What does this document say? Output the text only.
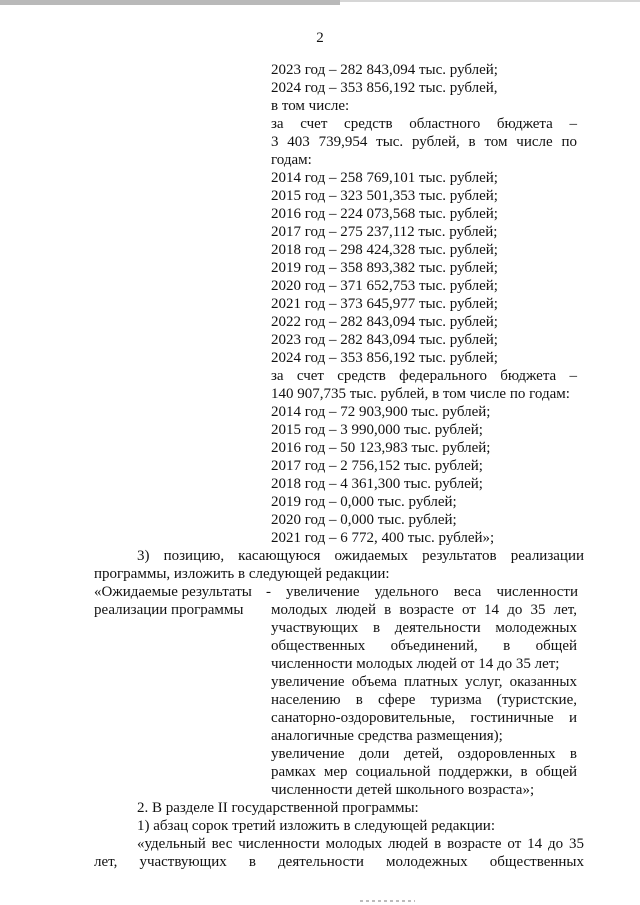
2
2023 год – 282 843,094 тыс. рублей;
2024 год – 353 856,192 тыс. рублей,
в том числе:
за счет средств областного бюджета –
3 403 739,954 тыс. рублей, в том числе по
годам:
2014 год – 258 769,101 тыс. рублей;
2015 год – 323 501,353 тыс. рублей;
2016 год – 224 073,568 тыс. рублей;
2017 год – 275 237,112 тыс. рублей;
2018 год – 298 424,328 тыс. рублей;
2019 год – 358 893,382 тыс. рублей;
2020 год – 371 652,753 тыс. рублей;
2021 год – 373 645,977 тыс. рублей;
2022 год – 282 843,094 тыс. рублей;
2023 год – 282 843,094 тыс. рублей;
2024 год – 353 856,192 тыс. рублей;
за счет средств федерального бюджета –
140 907,735 тыс. рублей, в том числе по годам:
2014 год – 72 903,900 тыс. рублей;
2015 год – 3 990,000 тыс. рублей;
2016 год – 50 123,983 тыс. рублей;
2017 год – 2 756,152 тыс. рублей;
2018 год – 4 361,300 тыс. рублей;
2019 год – 0,000 тыс. рублей;
2020 год – 0,000 тыс. рублей;
2021 год – 6 772, 400 тыс. рублей»;
3) позицию, касающуюся ожидаемых результатов реализации
программы, изложить в следующей редакции:
«Ожидаемые результаты
реализации программы
- увеличение удельного веса численности
молодых людей в возрасте от 14 до 35 лет,
участвующих в деятельности молодежных
общественных объединений, в общей
численности молодых людей от 14 до 35 лет;
увеличение объема платных услуг, оказанных
населению в сфере туризма (туристские,
санаторно-оздоровительные, гостиничные и
аналогичные средства размещения);
увеличение доли детей, оздоровленных в
рамках мер социальной поддержки, в общей
численности детей школьного возраста»;
2. В разделе II государственной программы:
1) абзац сорок третий изложить в следующей редакции:
«удельный вес численности молодых людей в возрасте от 14 до 35
лет, участвующих в деятельности молодежных общественных
